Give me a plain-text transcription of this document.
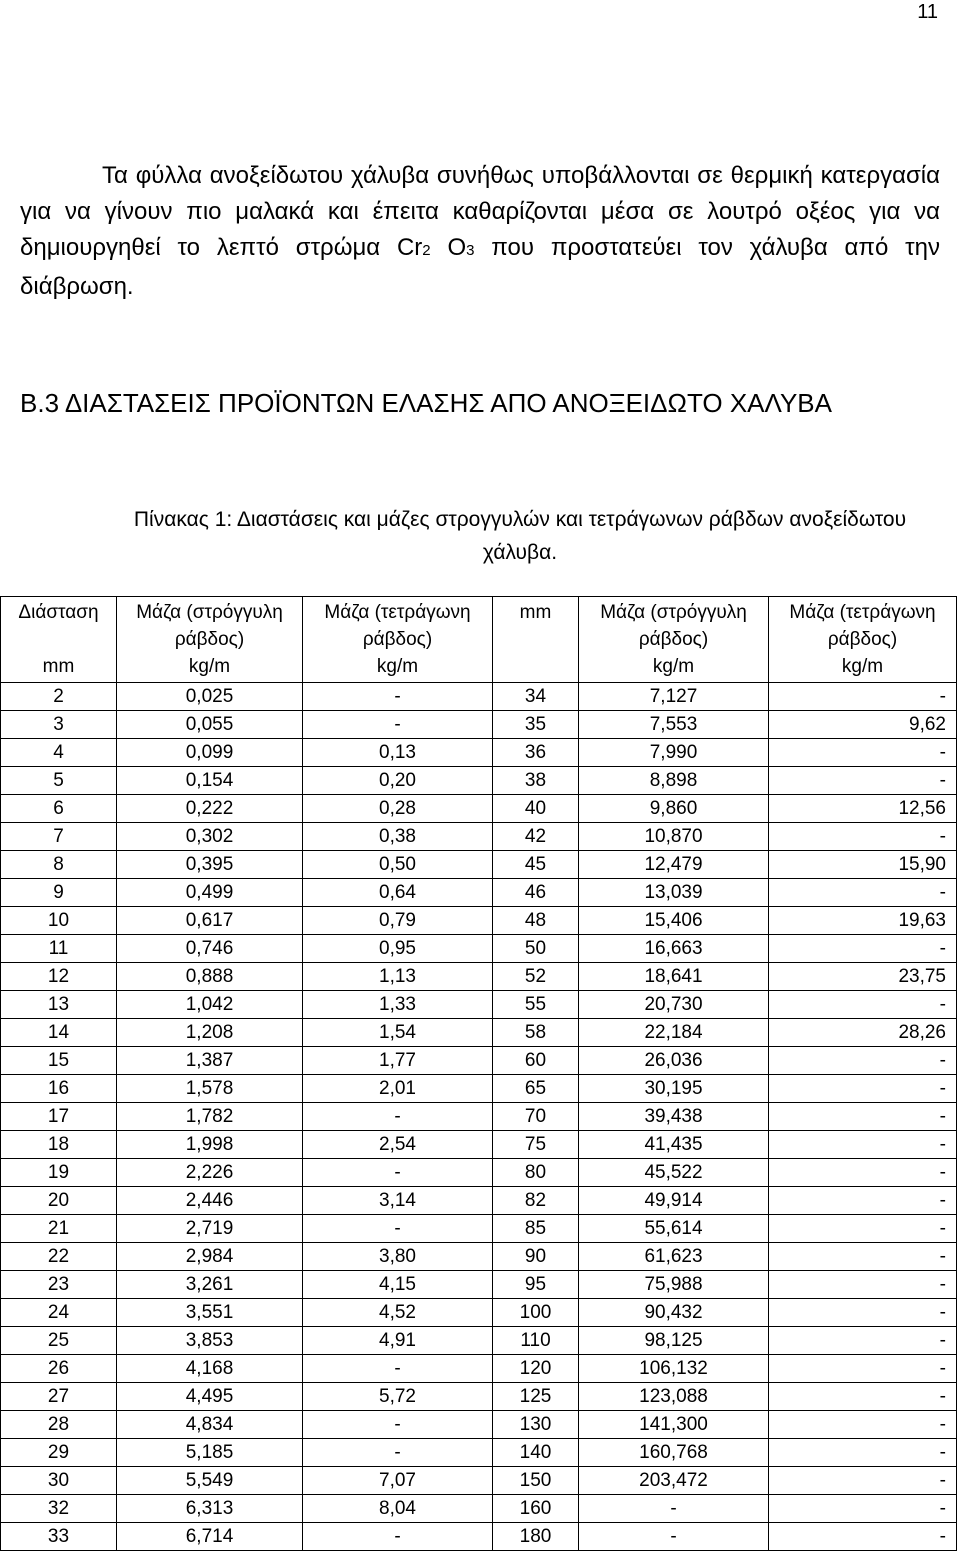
11

Τα φύλλα ανοξείδωτου χάλυβα συνήθως υποβάλλονται σε θερμική κατεργασία για να γίνουν πιο μαλακά και έπειτα καθαρίζονται μέσα σε λουτρό οξέος για να δημιουργηθεί το λεπτό στρώμα Cr2 O3 που προστατεύει τον χάλυβα από την διάβρωση.

Β.3 ΔΙΑΣΤΑΣΕΙΣ ΠΡΟΪΟΝΤΩΝ ΕΛΑΣΗΣ ΑΠΟ ΑΝΟΞΕΙΔΩΤΟ ΧΑΛΥΒΑ

Πίνακας 1: Διαστάσεις και μάζες στρογγυλών και τετράγωνων ράβδων ανοξείδωτου χάλυβα.

Διάσταση
mm	Μάζα (στρόγγυλη
ράβδος)
kg/m	Μάζα (τετράγωνη
ράβδος)
kg/m	mm	Μάζα (στρόγγυλη
ράβδος)
kg/m	Μάζα (τετράγωνη
ράβδος)
kg/m

2	0,025	-	34	7,127	-
3	0,055	-	35	7,553	9,62
4	0,099	0,13	36	7,990	-
5	0,154	0,20	38	8,898	-
6	0,222	0,28	40	9,860	12,56
7	0,302	0,38	42	10,870	-
8	0,395	0,50	45	12,479	15,90
9	0,499	0,64	46	13,039	-
10	0,617	0,79	48	15,406	19,63
11	0,746	0,95	50	16,663	-
12	0,888	1,13	52	18,641	23,75
13	1,042	1,33	55	20,730	-
14	1,208	1,54	58	22,184	28,26
15	1,387	1,77	60	26,036	-
16	1,578	2,01	65	30,195	-
17	1,782	-	70	39,438	-
18	1,998	2,54	75	41,435	-
19	2,226	-	80	45,522	-
20	2,446	3,14	82	49,914	-
21	2,719	-	85	55,614	-
22	2,984	3,80	90	61,623	-
23	3,261	4,15	95	75,988	-
24	3,551	4,52	100	90,432	-
25	3,853	4,91	110	98,125	-
26	4,168	-	120	106,132	-
27	4,495	5,72	125	123,088	-
28	4,834	-	130	141,300	-
29	5,185	-	140	160,768	-
30	5,549	7,07	150	203,472	-
32	6,313	8,04	160	-	-
33	6,714	-	180	-	-
